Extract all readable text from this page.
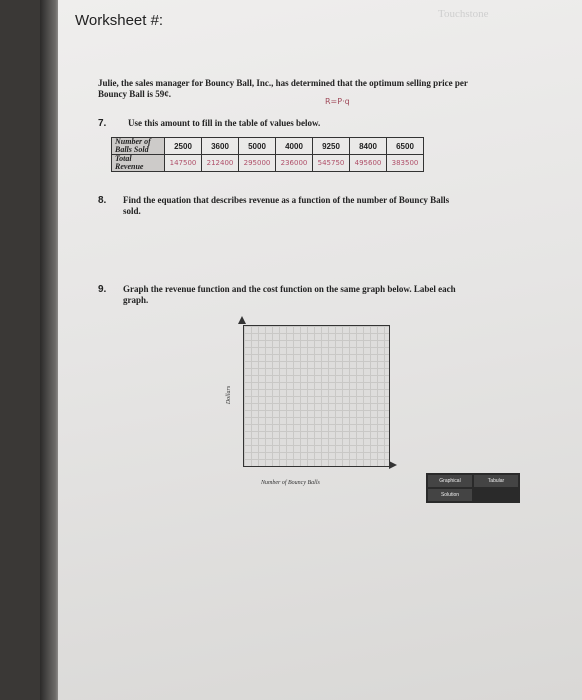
Worksheet #:	Touchstone
Julie, the sales manager for Bouncy Ball, Inc., has determined that the optimum selling price per Bouncy Ball is 59¢.
R=P·q
7. Use this amount to fill in the table of values below.
Number of Balls Sold	2500	3600	5000	4000	9250	8400	6500
Total Revenue	147500	212400	295000	236000	545750	495600	383500
8. Find the equation that describes revenue as a function of the number of Bouncy Balls sold.
9. Graph the revenue function and the cost function on the same graph below. Label each graph.
Dollars
Number of Bouncy Balls	Graphical	Tabular
Solution
